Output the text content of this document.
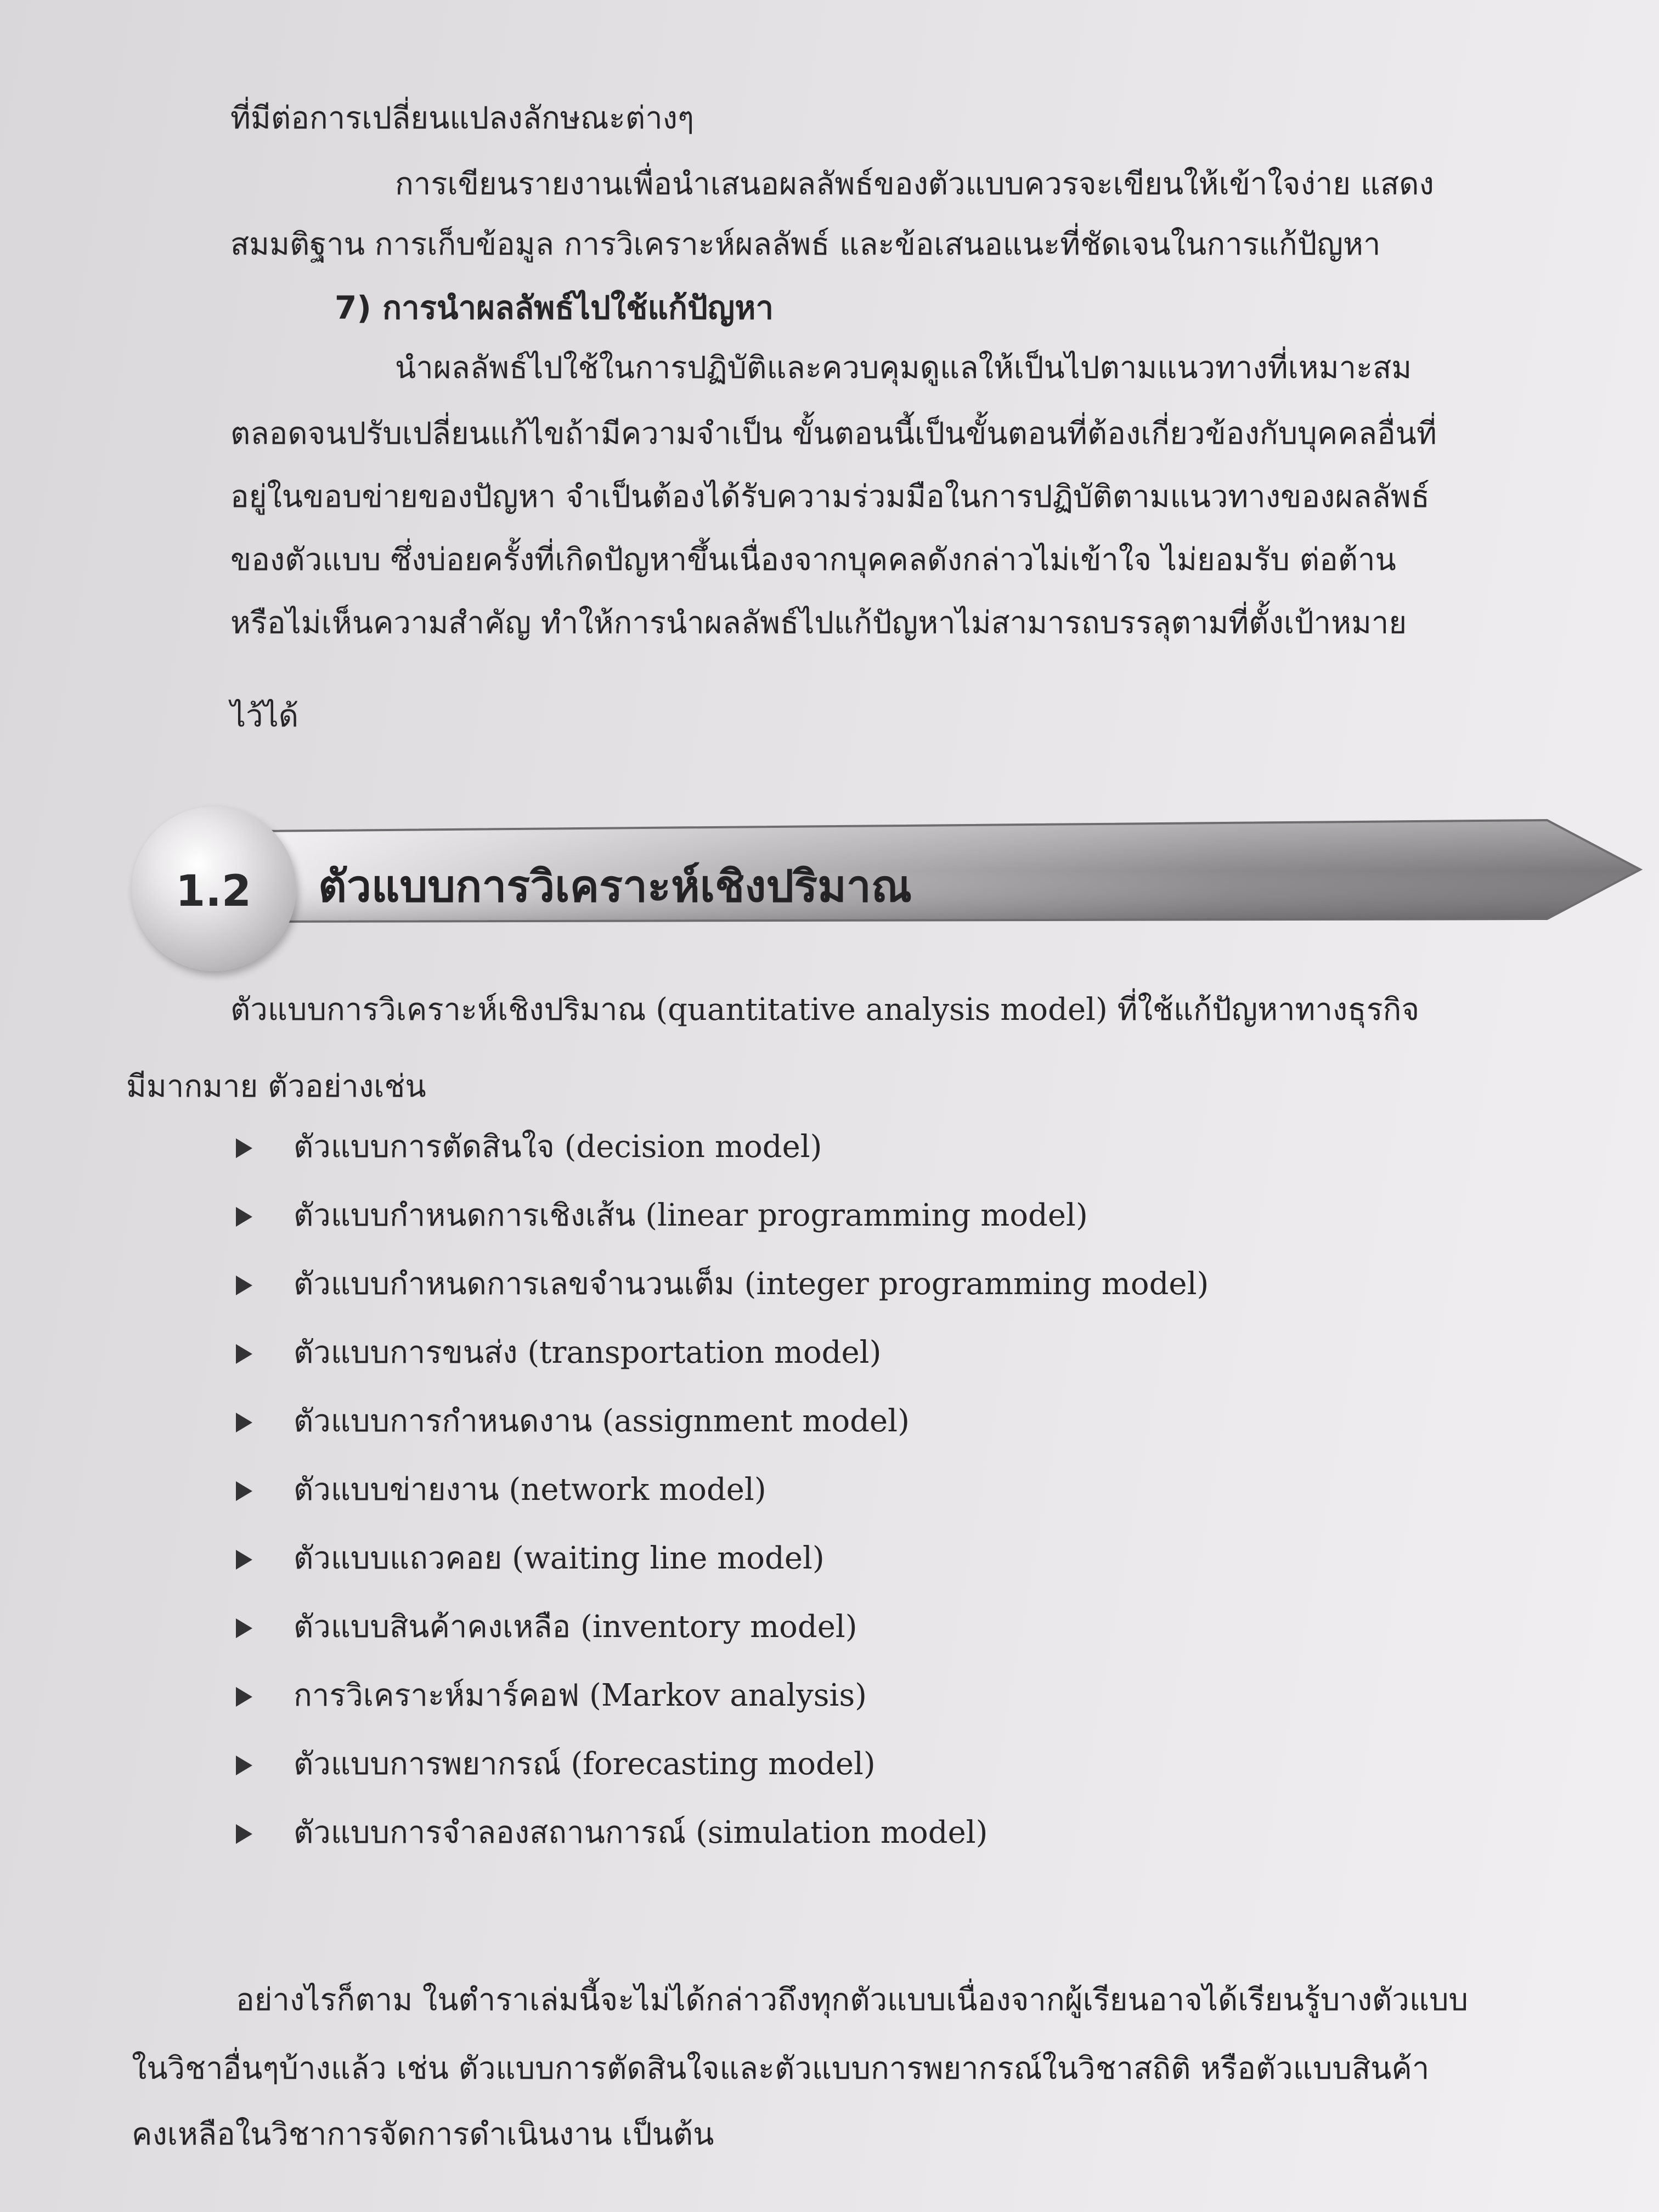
ที่มีต่อการเปลี่ยนแปลงลักษณะต่างๆ
การเขียนรายงานเพื่อนำเสนอผลลัพธ์ของตัวแบบควรจะเขียนให้เข้าใจง่าย แสดง
สมมติฐาน การเก็บข้อมูล การวิเคราะห์ผลลัพธ์ และข้อเสนอแนะที่ชัดเจนในการแก้ปัญหา
7) การนำผลลัพธ์ไปใช้แก้ปัญหา
นำผลลัพธ์ไปใช้ในการปฏิบัติและควบคุมดูแลให้เป็นไปตามแนวทางที่เหมาะสม
ตลอดจนปรับเปลี่ยนแก้ไขถ้ามีความจำเป็น ขั้นตอนนี้เป็นขั้นตอนที่ต้องเกี่ยวข้องกับบุคคลอื่นที่
อยู่ในขอบข่ายของปัญหา จำเป็นต้องได้รับความร่วมมือในการปฏิบัติตามแนวทางของผลลัพธ์
ของตัวแบบ ซึ่งบ่อยครั้งที่เกิดปัญหาขึ้นเนื่องจากบุคคลดังกล่าวไม่เข้าใจ ไม่ยอมรับ ต่อต้าน
หรือไม่เห็นความสำคัญ ทำให้การนำผลลัพธ์ไปแก้ปัญหาไม่สามารถบรรลุตามที่ตั้งเป้าหมาย
ไว้ได้
1.2 ตัวแบบการวิเคราะห์เชิงปริมาณ
ตัวแบบการวิเคราะห์เชิงปริมาณ (quantitative analysis model) ที่ใช้แก้ปัญหาทางธุรกิจ
มีมากมาย ตัวอย่างเช่น
ตัวแบบการตัดสินใจ (decision model)
ตัวแบบกำหนดการเชิงเส้น (linear programming model)
ตัวแบบกำหนดการเลขจำนวนเต็ม (integer programming model)
ตัวแบบการขนส่ง (transportation model)
ตัวแบบการกำหนดงาน (assignment model)
ตัวแบบข่ายงาน (network model)
ตัวแบบแถวคอย (waiting line model)
ตัวแบบสินค้าคงเหลือ (inventory model)
การวิเคราะห์มาร์คอฟ (Markov analysis)
ตัวแบบการพยากรณ์ (forecasting model)
ตัวแบบการจำลองสถานการณ์ (simulation model)
อย่างไรก็ตาม ในตำราเล่มนี้จะไม่ได้กล่าวถึงทุกตัวแบบเนื่องจากผู้เรียนอาจได้เรียนรู้บางตัวแบบ
ในวิชาอื่นๆบ้างแล้ว เช่น ตัวแบบการตัดสินใจและตัวแบบการพยากรณ์ในวิชาสถิติ หรือตัวแบบสินค้า
คงเหลือในวิชาการจัดการดำเนินงาน เป็นต้น
